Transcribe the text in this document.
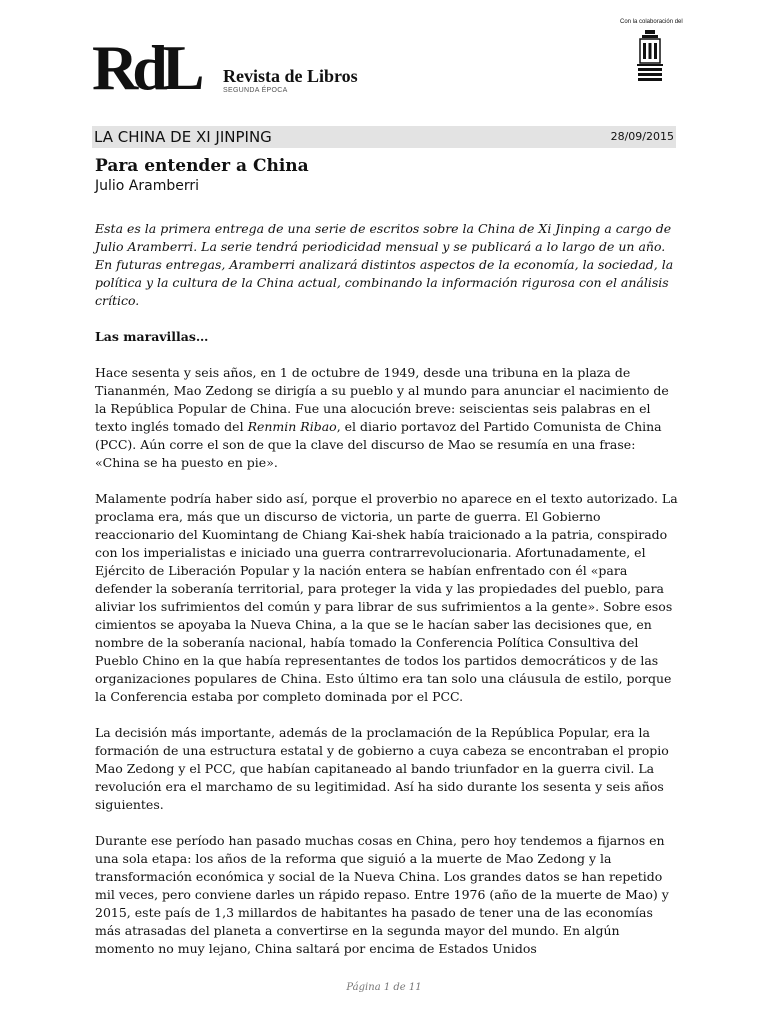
RdL Revista de Libros
SEGUNDA ÉPOCA
Con la colaboración del
LA CHINA DE XI JINPING	28/09/2015
Para entender a China
Julio Aramberri

Esta es la primera entrega de una serie de escritos sobre la China de Xi Jinping a cargo de Julio Aramberri. La serie tendrá periodicidad mensual y se publicará a lo largo de un año. En futuras entregas, Aramberri analizará distintos aspectos de la economía, la sociedad, la política y la cultura de la China actual, combinando la información rigurosa con el análisis crítico.

Las maravillas…

Hace sesenta y seis años, en 1 de octubre de 1949, desde una tribuna en la plaza de Tiananmén, Mao Zedong se dirigía a su pueblo y al mundo para anunciar el nacimiento de la República Popular de China. Fue una alocución breve: seiscientas seis palabras en el texto inglés tomado del Renmin Ribao, el diario portavoz del Partido Comunista de China (PCC). Aún corre el son de que la clave del discurso de Mao se resumía en una frase: «China se ha puesto en pie».

Malamente podría haber sido así, porque el proverbio no aparece en el texto autorizado. La proclama era, más que un discurso de victoria, un parte de guerra. El Gobierno reaccionario del Kuomintang de Chiang Kai-shek había traicionado a la patria, conspirado con los imperialistas e iniciado una guerra contrarrevolucionaria. Afortunadamente, el Ejército de Liberación Popular y la nación entera se habían enfrentado con él «para defender la soberanía territorial, para proteger la vida y las propiedades del pueblo, para aliviar los sufrimientos del común y para librar de sus sufrimientos a la gente». Sobre esos cimientos se apoyaba la Nueva China, a la que se le hacían saber las decisiones que, en nombre de la soberanía nacional, había tomado la Conferencia Política Consultiva del Pueblo Chino en la que había representantes de todos los partidos democráticos y de las organizaciones populares de China. Esto último era tan solo una cláusula de estilo, porque la Conferencia estaba por completo dominada por el PCC.

La decisión más importante, además de la proclamación de la República Popular, era la formación de una estructura estatal y de gobierno a cuya cabeza se encontraban el propio Mao Zedong y el PCC, que habían capitaneado al bando triunfador en la guerra civil. La revolución era el marchamo de su legitimidad. Así ha sido durante los sesenta y seis años siguientes.

Durante ese período han pasado muchas cosas en China, pero hoy tendemos a fijarnos en una sola etapa: los años de la reforma que siguió a la muerte de Mao Zedong y la transformación económica y social de la Nueva China. Los grandes datos se han repetido mil veces, pero conviene darles un rápido repaso. Entre 1976 (año de la muerte de Mao) y 2015, este país de 1,3 millardos de habitantes ha pasado de tener una de las economías más atrasadas del planeta a convertirse en la segunda mayor del mundo. En algún momento no muy lejano, China saltará por encima de Estados Unidos

Página 1 de 11
